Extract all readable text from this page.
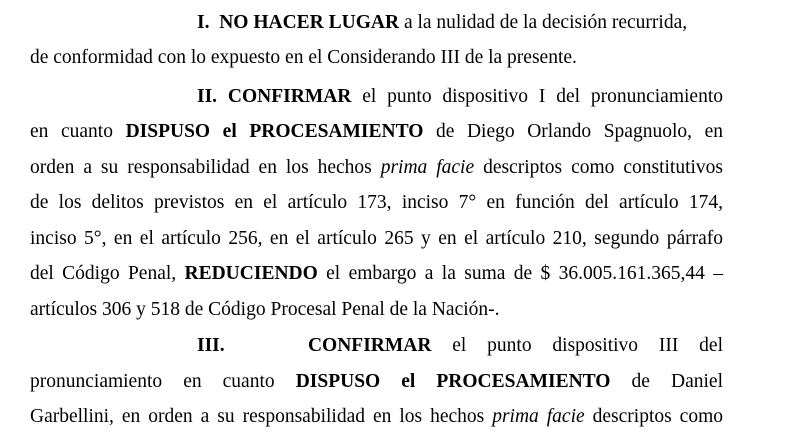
I. NO HACER LUGAR a la nulidad de la decisión recurrida,
de conformidad con lo expuesto en el Considerando III de la presente.
II. CONFIRMAR el punto dispositivo I del pronunciamiento
en cuanto DISPUSO el PROCESAMIENTO de Diego Orlando Spagnuolo, en
orden a su responsabilidad en los hechos prima facie descriptos como constitutivos
de los delitos previstos en el artículo 173, inciso 7° en función del artículo 174,
inciso 5°, en el artículo 256, en el artículo 265 y en el artículo 210, segundo párrafo
del Código Penal, REDUCIENDO el embargo a la suma de $ 36.005.161.365,44 –
artículos 306 y 518 de Código Procesal Penal de la Nación-.
III.	CONFIRMAR el punto dispositivo III del
pronunciamiento en cuanto DISPUSO el PROCESAMIENTO de Daniel
Garbellini, en orden a su responsabilidad en los hechos prima facie descriptos como
